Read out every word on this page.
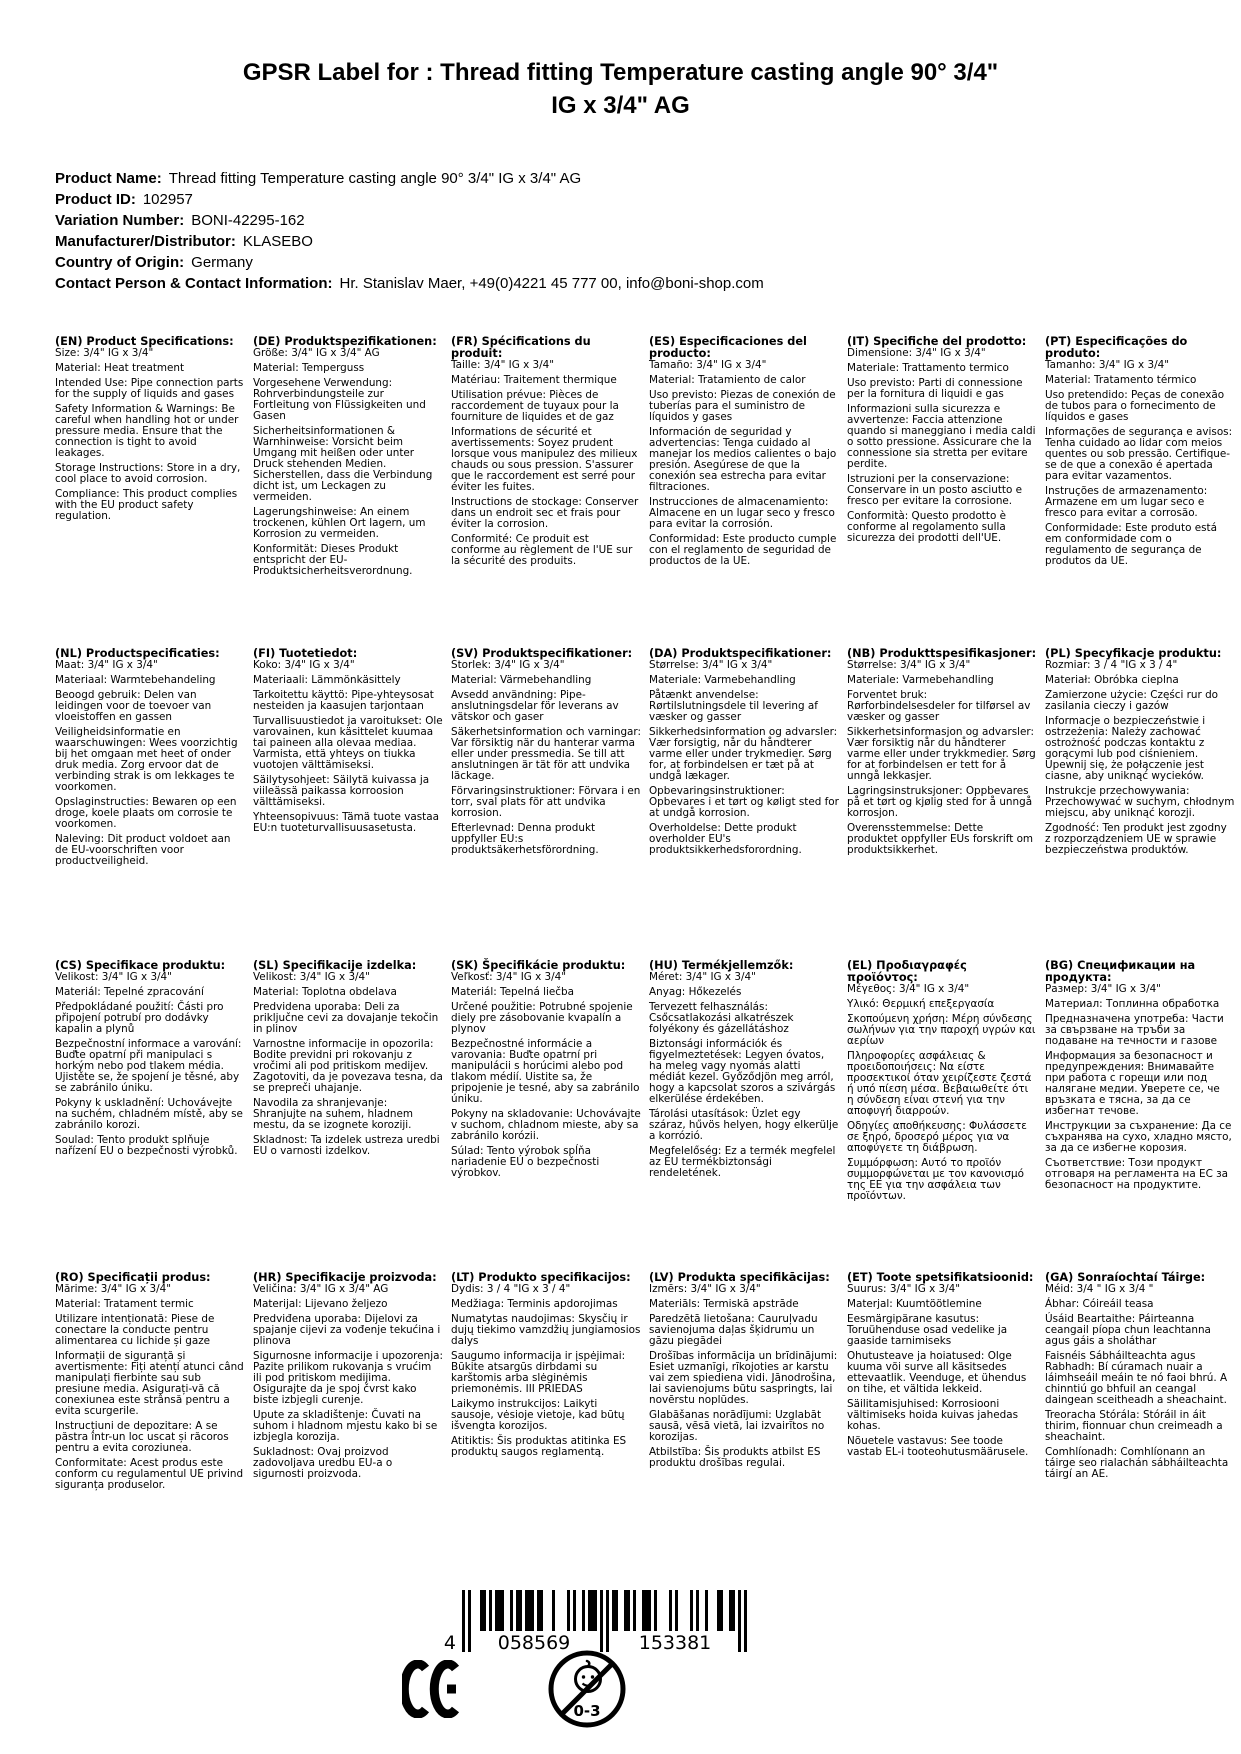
GPSR Label for : Thread fitting Temperature casting angle 90° 3/4"
IG x 3/4" AG
Product Name: Thread fitting Temperature casting angle 90° 3/4" IG x 3/4" AG
Product ID: 102957
Variation Number: BONI-42295-162
Manufacturer/Distributor: KLASEBO
Country of Origin: Germany
Contact Person & Contact Information: Hr. Stanislav Maer, +49(0)4221 45 777 00, info@boni-shop.com
(EN) Product Specifications:

Size: 3/4" IG x 3/4"

Material: Heat treatment

Intended Use: Pipe connection parts for the supply of liquids and gases

Safety Information & Warnings: Be careful when handling hot or under pressure media. Ensure that the connection is tight to avoid leakages.

Storage Instructions: Store in a dry, cool place to avoid corrosion.

Compliance: This product complies with the EU product safety regulation.

(DE) Produktspezifikationen:

Größe: 3/4" IG x 3/4" AG

Material: Temperguss

Vorgesehene Verwendung: Rohrverbindungsteile zur Fortleitung von Flüssigkeiten und Gasen

Sicherheitsinformationen & Warnhinweise: Vorsicht beim Umgang mit heißen oder unter Druck stehenden Medien. Sicherstellen, dass die Verbindung dicht ist, um Leckagen zu vermeiden.

Lagerungshinweise: An einem trockenen, kühlen Ort lagern, um Korrosion zu vermeiden.

Konformität: Dieses Produkt entspricht der EU-Produktsicherheitsverordnung.

(FR) Spécifications du produit:

Taille: 3/4" IG x 3/4"

Matériau: Traitement thermique

Utilisation prévue: Pièces de raccordement de tuyaux pour la fourniture de liquides et de gaz

Informations de sécurité et avertissements: Soyez prudent lorsque vous manipulez des milieux chauds ou sous pression. S'assurer que le raccordement est serré pour éviter les fuites.

Instructions de stockage: Conserver dans un endroit sec et frais pour éviter la corrosion.

Conformité: Ce produit est conforme au règlement de l'UE sur la sécurité des produits.

(ES) Especificaciones del producto:

Tamaño: 3/4" IG x 3/4"

Material: Tratamiento de calor

Uso previsto: Piezas de conexión de tuberías para el suministro de líquidos y gases

Información de seguridad y advertencias: Tenga cuidado al manejar los medios calientes o bajo presión. Asegúrese de que la conexión sea estrecha para evitar filtraciones.

Instrucciones de almacenamiento: Almacene en un lugar seco y fresco para evitar la corrosión.

Conformidad: Este producto cumple con el reglamento de seguridad de productos de la UE.

(IT) Specifiche del prodotto:

Dimensione: 3/4" IG x 3/4"

Materiale: Trattamento termico

Uso previsto: Parti di connessione per la fornitura di liquidi e gas

Informazioni sulla sicurezza e avvertenze: Faccia attenzione quando si maneggiano i media caldi o sotto pressione. Assicurare che la connessione sia stretta per evitare perdite.

Istruzioni per la conservazione: Conservare in un posto asciutto e fresco per evitare la corrosione.

Conformità: Questo prodotto è conforme al regolamento sulla sicurezza dei prodotti dell'UE.

(PT) Especificações do produto:

Tamanho: 3/4" IG x 3/4"

Material: Tratamento térmico

Uso pretendido: Peças de conexão de tubos para o fornecimento de líquidos e gases

Informações de segurança e avisos: Tenha cuidado ao lidar com meios quentes ou sob pressão. Certifique-se de que a conexão é apertada para evitar vazamentos.

Instruções de armazenamento: Armazene em um lugar seco e fresco para evitar a corrosão.

Conformidade: Este produto está em conformidade com o regulamento de segurança de produtos da UE.

(NL) Productspecificaties:

Maat: 3/4" IG x 3/4"

Materiaal: Warmtebehandeling

Beoogd gebruik: Delen van leidingen voor de toevoer van vloeistoffen en gassen

Veiligheidsinformatie en waarschuwingen: Wees voorzichtig bij het omgaan met heet of onder druk media. Zorg ervoor dat de verbinding strak is om lekkages te voorkomen.

Opslaginstructies: Bewaren op een droge, koele plaats om corrosie te voorkomen.

Naleving: Dit product voldoet aan de EU-voorschriften voor productveiligheid.

(FI) Tuotetiedot:

Koko: 3/4" IG x 3/4"

Materiaali: Lämmönkäsittely

Tarkoitettu käyttö: Pipe-yhteysosat nesteiden ja kaasujen tarjontaan

Turvallisuustiedot ja varoitukset: Ole varovainen, kun käsittelet kuumaa tai paineen alla olevaa mediaa. Varmista, että yhteys on tiukka vuotojen välttämiseksi.

Säilytysohjeet: Säilytä kuivassa ja viileässä paikassa korroosion välttämiseksi.

Yhteensopivuus: Tämä tuote vastaa EU:n tuoteturvallisuusasetusta.

(SV) Produktspecifikationer:

Storlek: 3/4" IG x 3/4"

Material: Värmebehandling

Avsedd användning: Pipe-anslutningsdelar för leverans av vätskor och gaser

Säkerhetsinformation och varningar: Var försiktig när du hanterar varma eller under pressmedia. Se till att anslutningen är tät för att undvika läckage.

Förvaringsinstruktioner: Förvara i en torr, sval plats för att undvika korrosion.

Efterlevnad: Denna produkt uppfyller EU:s produktsäkerhetsförordning.

(DA) Produktspecifikationer:

Størrelse: 3/4" IG x 3/4"

Materiale: Varmebehandling

Påtænkt anvendelse: Rørtilslutningsdele til levering af væsker og gasser

Sikkerhedsinformation og advarsler: Vær forsigtig, når du håndterer varme eller under trykmedier. Sørg for, at forbindelsen er tæt på at undgå lækager.

Opbevaringsinstruktioner: Opbevares i et tørt og køligt sted for at undgå korrosion.

Overholdelse: Dette produkt overholder EU's produktsikkerhedsforordning.

(NB) Produkttspesifikasjoner:

Størrelse: 3/4" IG x 3/4"

Materiale: Varmebehandling

Forventet bruk: Rørforbindelsesdeler for tilførsel av væsker og gasser

Sikkerhetsinformasjon og advarsler: Vær forsiktig når du håndterer varme eller under trykkmedier. Sørg for at forbindelsen er tett for å unngå lekkasjer.

Lagringsinstruksjoner: Oppbevares på et tørt og kjølig sted for å unngå korrosjon.

Overensstemmelse: Dette produktet oppfyller EUs forskrift om produktsikkerhet.

(PL) Specyfikacje produktu:

Rozmiar: 3 / 4 "IG x 3 / 4"

Materiał: Obróbka cieplna

Zamierzone użycie: Części rur do zasilania cieczy i gazów

Informacje o bezpieczeństwie i ostrzeżenia: Należy zachować ostrożność podczas kontaktu z gorącymi lub pod ciśnieniem. Upewnij się, że połączenie jest ciasne, aby uniknąć wycieków.

Instrukcje przechowywania: Przechowywać w suchym, chłodnym miejscu, aby uniknąć korozji.

Zgodność: Ten produkt jest zgodny z rozporządzeniem UE w sprawie bezpieczeństwa produktów.

(CS) Specifikace produktu:

Velikost: 3/4" IG x 3/4"

Materiál: Tepelné zpracování

Předpokládané použití: Části pro připojení potrubí pro dodávky kapalin a plynů

Bezpečnostní informace a varování: Buďte opatrní při manipulaci s horkým nebo pod tlakem média. Ujistěte se, že spojení je těsné, aby se zabránilo úniku.

Pokyny k uskladnění: Uchovávejte na suchém, chladném místě, aby se zabránilo korozi.

Soulad: Tento produkt splňuje nařízení EU o bezpečnosti výrobků.

(SL) Specifikacije izdelka:

Velikost: 3/4" IG x 3/4"

Material: Toplotna obdelava

Predvidena uporaba: Deli za priključne cevi za dovajanje tekočin in plinov

Varnostne informacije in opozorila: Bodite previdni pri rokovanju z vročimi ali pod pritiskom medijev. Zagotoviti, da je povezava tesna, da se prepreči uhajanje.

Navodila za shranjevanje: Shranjujte na suhem, hladnem mestu, da se izognete koroziji.

Skladnost: Ta izdelek ustreza uredbi EU o varnosti izdelkov.

(SK) Špecifikácie produktu:

Veľkosť: 3/4" IG x 3/4"

Materiál: Tepelná liečba

Určené použitie: Potrubné spojenie diely pre zásobovanie kvapalín a plynov

Bezpečnostné informácie a varovania: Buďte opatrní pri manipulácii s horúcimi alebo pod tlakom médií. Uistite sa, že pripojenie je tesné, aby sa zabránilo úniku.

Pokyny na skladovanie: Uchovávajte v suchom, chladnom mieste, aby sa zabránilo korózii.

Súlad: Tento výrobok spĺňa nariadenie EÚ o bezpečnosti výrobkov.

(HU) Termékjellemzők:

Méret: 3/4" IG x 3/4"

Anyag: Hőkezelés

Tervezett felhasználás: Csőcsatlakozási alkatrészek folyékony és gázellátáshoz

Biztonsági információk és figyelmeztetések: Legyen óvatos, ha meleg vagy nyomás alatti médiát kezel. Győződjön meg arról, hogy a kapcsolat szoros a szivárgás elkerülése érdekében.

Tárolási utasítások: Üzlet egy száraz, hűvös helyen, hogy elkerülje a korrózió.

Megfelelőség: Ez a termék megfelel az EU termékbiztonsági rendeletének.

(EL) Προδιαγραφές προϊόντος:

Μέγεθος: 3/4" IG x 3/4"

Υλικό: Θερμική επεξεργασία

Σκοπούμενη χρήση: Μέρη σύνδεσης σωλήνων για την παροχή υγρών και αερίων

Πληροφορίες ασφάλειας & προειδοποιήσεις: Να είστε προσεκτικοί όταν χειρίζεστε ζεστά ή υπό πίεση μέσα. Βεβαιωθείτε ότι η σύνδεση είναι στενή για την αποφυγή διαρροών.

Οδηγίες αποθήκευσης: Φυλάσσετε σε ξηρό, δροσερό μέρος για να αποφύγετε τη διάβρωση.

Συμμόρφωση: Αυτό το προϊόν συμμορφώνεται με τον κανονισμό της ΕΕ για την ασφάλεια των προϊόντων.

(BG) Спецификации на продукта:

Размер: 3/4" IG x 3/4"

Материал: Топлинна обработка

Предназначена употреба: Части за свързване на тръби за подаване на течности и газове

Информация за безопасност и предупреждения: Внимавайте при работа с горещи или под налягане медии. Уверете се, че връзката е тясна, за да се избегнат течове.

Инструкции за съхранение: Да се съхранява на сухо, хладно място, за да се избегне корозия.

Съответствие: Този продукт отговаря на регламента на ЕС за безопасност на продуктите.

(RO) Specificații produs:

Mărime: 3/4" IG x 3/4"

Material: Tratament termic

Utilizare intenționată: Piese de conectare la conducte pentru alimentarea cu lichide și gaze

Informații de siguranță și avertismente: Fiți atenți atunci când manipulați fierbinte sau sub presiune media. Asigurați-vă că conexiunea este strânsă pentru a evita scurgerile.

Instrucțiuni de depozitare: A se păstra într-un loc uscat și răcoros pentru a evita coroziunea.

Conformitate: Acest produs este conform cu regulamentul UE privind siguranța produselor.

(HR) Specifikacije proizvoda:

Veličina: 3/4" IG x 3/4" AG

Materijal: Lijevano željezo

Predviđena uporaba: Dijelovi za spajanje cijevi za vođenje tekućina i plinova

Sigurnosne informacije i upozorenja: Pazite prilikom rukovanja s vrućim ili pod pritiskom medijima. Osigurajte da je spoj čvrst kako biste izbjegli curenje.

Upute za skladištenje: Čuvati na suhom i hladnom mjestu kako bi se izbjegla korozija.

Sukladnost: Ovaj proizvod zadovoljava uredbu EU-a o sigurnosti proizvoda.

(LT) Produkto specifikacijos:

Dydis: 3 / 4 "IG x 3 / 4"

Medžiaga: Terminis apdorojimas

Numatytas naudojimas: Skysčių ir dujų tiekimo vamzdžių jungiamosios dalys

Saugumo informacija ir įspėjimai: Būkite atsargūs dirbdami su karštomis arba slėginėmis priemonėmis. III PRIEDAS

Laikymo instrukcijos: Laikyti sausoje, vėsioje vietoje, kad būtų išvengta korozijos.

Atitiktis: Šis produktas atitinka ES produktų saugos reglamentą.

(LV) Produkta specifikācijas:

Izmērs: 3/4" IG x 3/4"

Materiāls: Termiskā apstrāde

Paredzētā lietošana: Cauruļvadu savienojuma daļas šķidrumu un gāzu piegādei

Drošības informācija un brīdinājumi: Esiet uzmanīgi, rīkojoties ar karstu vai zem spiediena vidi. Jānodrošina, lai savienojums būtu saspringts, lai novērstu noplūdes.

Glabāšanas norādījumi: Uzglabāt sausā, vēsā vietā, lai izvairītos no korozijas.

Atbilstība: Šis produkts atbilst ES produktu drošības regulai.

(ET) Toote spetsifikatsioonid:

Suurus: 3/4" IG x 3/4"

Materjal: Kuumtöötlemine

Eesmärgipärane kasutus: Toruühenduse osad vedelike ja gaaside tarnimiseks

Ohutusteave ja hoiatused: Olge kuuma või surve all käsitsedes ettevaatlik. Veenduge, et ühendus on tihe, et vältida lekkeid.

Säilitamisjuhised: Korrosiooni vältimiseks hoida kuivas jahedas kohas.

Nõuetele vastavus: See toode vastab EL-i tooteohutusmäärusele.

(GA) Sonraíochtaí Táirge:

Méid: 3/4 " IG x 3/4 "

Ábhar: Cóireáil teasa

Úsáid Beartaithe: Páirteanna ceangail píopa chun leachtanna agus gáis a sholáthar

Faisnéis Sábháilteachta agus Rabhadh: Bí cúramach nuair a láimhseáil meáin te nó faoi bhrú. A chinntiú go bhfuil an ceangal daingean sceitheadh a sheachaint.

Treoracha Stórála: Stóráil in áit thirim, fionnuar chun creimeadh a sheachaint.

Comhlíonadh: Comhlíonann an táirge seo rialachán sábháilteachta táirgí an AE.

4 058569	153381
0-3
